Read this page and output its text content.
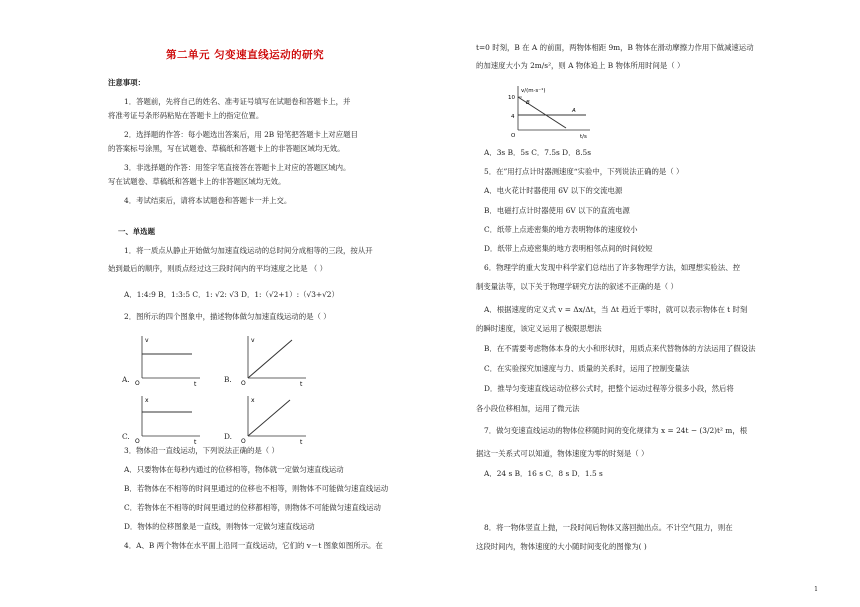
第二单元 匀变速直线运动的研究
注意事项：
1．答题前，先将自己的姓名、准考证号填写在试题卷和答题卡上，并
将准考证号条形码粘贴在答题卡上的指定位置。
2．选择题的作答：每小题选出答案后，用 2B 铅笔把答题卡上对应题目
的答案标号涂黑，写在试题卷、草稿纸和答题卡上的非答题区域均无效。
3．非选择题的作答：用签字笔直接答在答题卡上对应的答题区域内。
写在试题卷、草稿纸和答题卡上的非答题区域均无效。
4．考试结束后，请将本试题卷和答题卡一并上交。
一、单选题
1．将一质点从静止开始做匀加速直线运动的总时间分成相等的三段，按从开
始到最后的顺序，则质点经过这三段时间内的平均速度之比是 （ ）
A．1:4:9 B．1:3:5 C．1: √2: √3 D．1:（√2+1）:（√3+√2）
2．图所示的四个图象中，描述物体做匀加速直线运动的是（ ）
A.
v
O	t
B.
v
O	t
C.
x
O	t
D.
x
O	t
3．物体沿一直线运动，下列说法正确的是（ ）
A．只要物体在每秒内通过的位移相等，物体就一定做匀速直线运动
B．若物体在不相等的时间里通过的位移也不相等，则物体不可能做匀速直线运动
C．若物体在不相等的时间里通过的位移都相等，则物体不可能做匀速直线运动
D．物体的位移图象是一直线，则物体一定做匀速直线运动
4．A、B 两个物体在水平面上沿同一直线运动，它们的 v－t 图象如图所示。在
t=0 时刻，B 在 A 的前面，两物体相距 9m，B 物体在滑动摩擦力作用下做减速运动
的加速度大小为 2m/s²，则 A 物体追上 B 物体所用时间是（ ）
v/(m·s⁻¹)
10
4
O	t/s
A
B
A．3s B．5s C．7.5s D．8.5s
5．在”用打点计时器测速度“实验中，下列说法正确的是（ ）
A．电火花计时器使用 6V 以下的交流电源
B．电磁打点计时器使用 6V 以下的直流电源
C．纸带上点迹密集的地方表明物体的速度较小
D．纸带上点迹密集的地方表明相邻点间的时间较短
6．物理学的重大发现中科学家们总结出了许多物理学方法，如理想实验法、控
制变量法等，以下关于物理学研究方法的叙述不正确的是（ ）
A．根据速度的定义式 v = Δx/Δt，当 Δt 趋近于零时，就可以表示物体在 t 时刻
的瞬时速度，该定义运用了极限思想法
B．在不需要考虑物体本身的大小和形状时，用质点来代替物体的方法运用了假设法
C．在实验探究加速度与力、质量的关系时，运用了控制变量法
D．推导匀变速直线运动位移公式时，把整个运动过程等分很多小段，然后将
各小段位移相加，运用了微元法
7．做匀变速直线运动的物体位移随时间的变化规律为 x = 24t − (3/2)t² m，根
据这一关系式可以知道，物体速度为零的时刻是（ ）
A．24 s B．16 s C．8 s D．1.5 s
8．将一物体竖直上抛，一段时间后物体又落回抛出点。不计空气阻力，则在
这段时间内，物体速度的大小随时间变化的图像为( )
1
